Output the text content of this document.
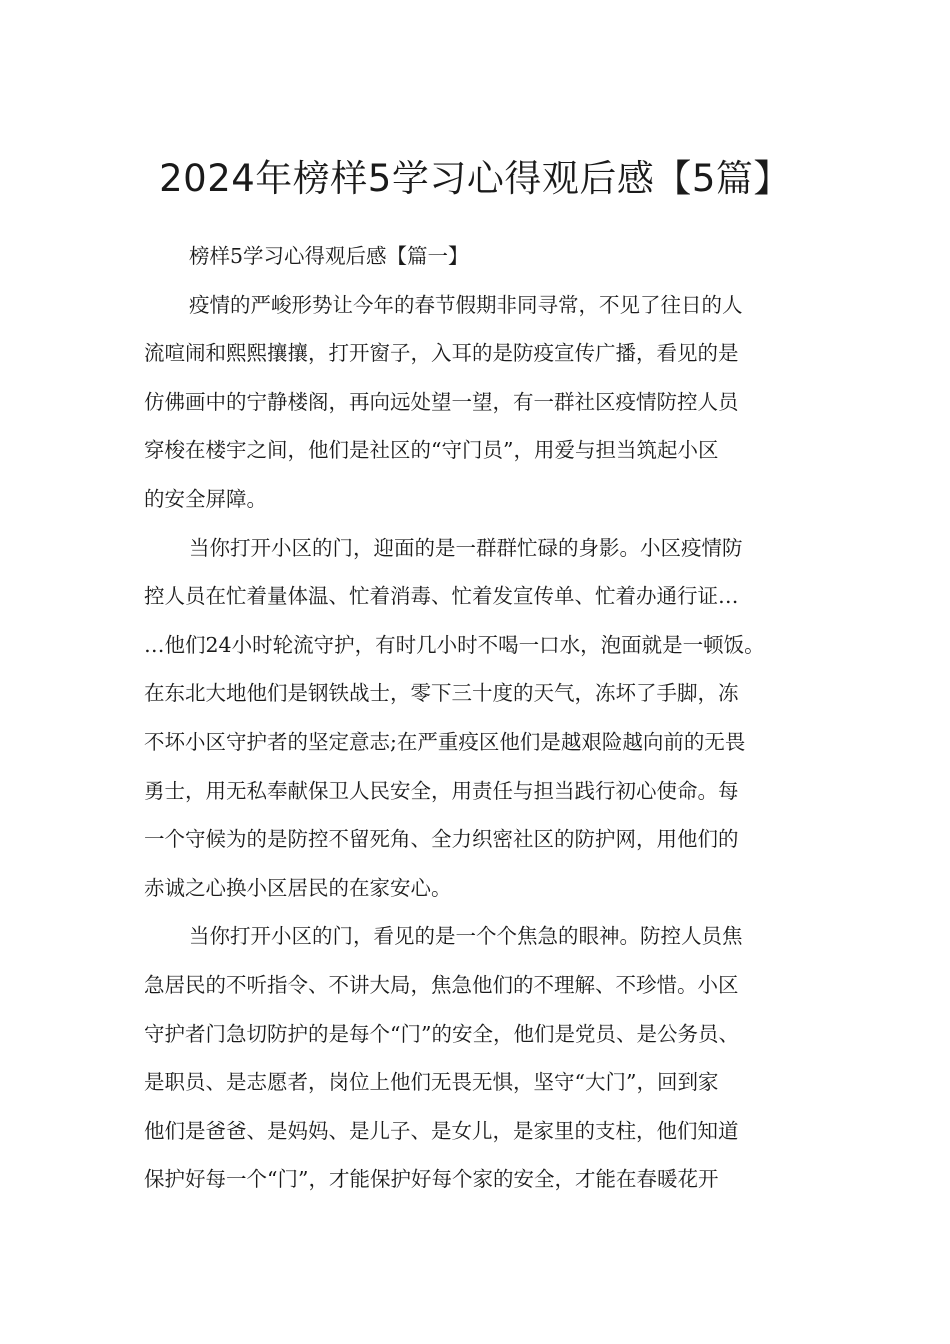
2024年榜样5学习心得观后感【5篇】
榜样5学习心得观后感【篇一】
疫情的严峻形势让今年的春节假期非同寻常，不见了往日的人
流喧闹和熙熙攘攘，打开窗子，入耳的是防疫宣传广播，看见的是
仿佛画中的宁静楼阁，再向远处望一望，有一群社区疫情防控人员
穿梭在楼宇之间，他们是社区的“守门员”，用爱与担当筑起小区
的安全屏障。
当你打开小区的门，迎面的是一群群忙碌的身影。小区疫情防
控人员在忙着量体温、忙着消毒、忙着发宣传单、忙着办通行证…
…他们24小时轮流守护，有时几小时不喝一口水，泡面就是一顿饭。
在东北大地他们是钢铁战士，零下三十度的天气，冻坏了手脚，冻
不坏小区守护者的坚定意志;在严重疫区他们是越艰险越向前的无畏
勇士，用无私奉献保卫人民安全，用责任与担当践行初心使命。每
一个守候为的是防控不留死角、全力织密社区的防护网，用他们的
赤诚之心换小区居民的在家安心。
当你打开小区的门，看见的是一个个焦急的眼神。防控人员焦
急居民的不听指令、不讲大局，焦急他们的不理解、不珍惜。小区
守护者门急切防护的是每个“门”的安全，他们是党员、是公务员、
是职员、是志愿者，岗位上他们无畏无惧，坚守“大门”，回到家
他们是爸爸、是妈妈、是儿子、是女儿，是家里的支柱，他们知道
保护好每一个“门”，才能保护好每个家的安全，才能在春暖花开
